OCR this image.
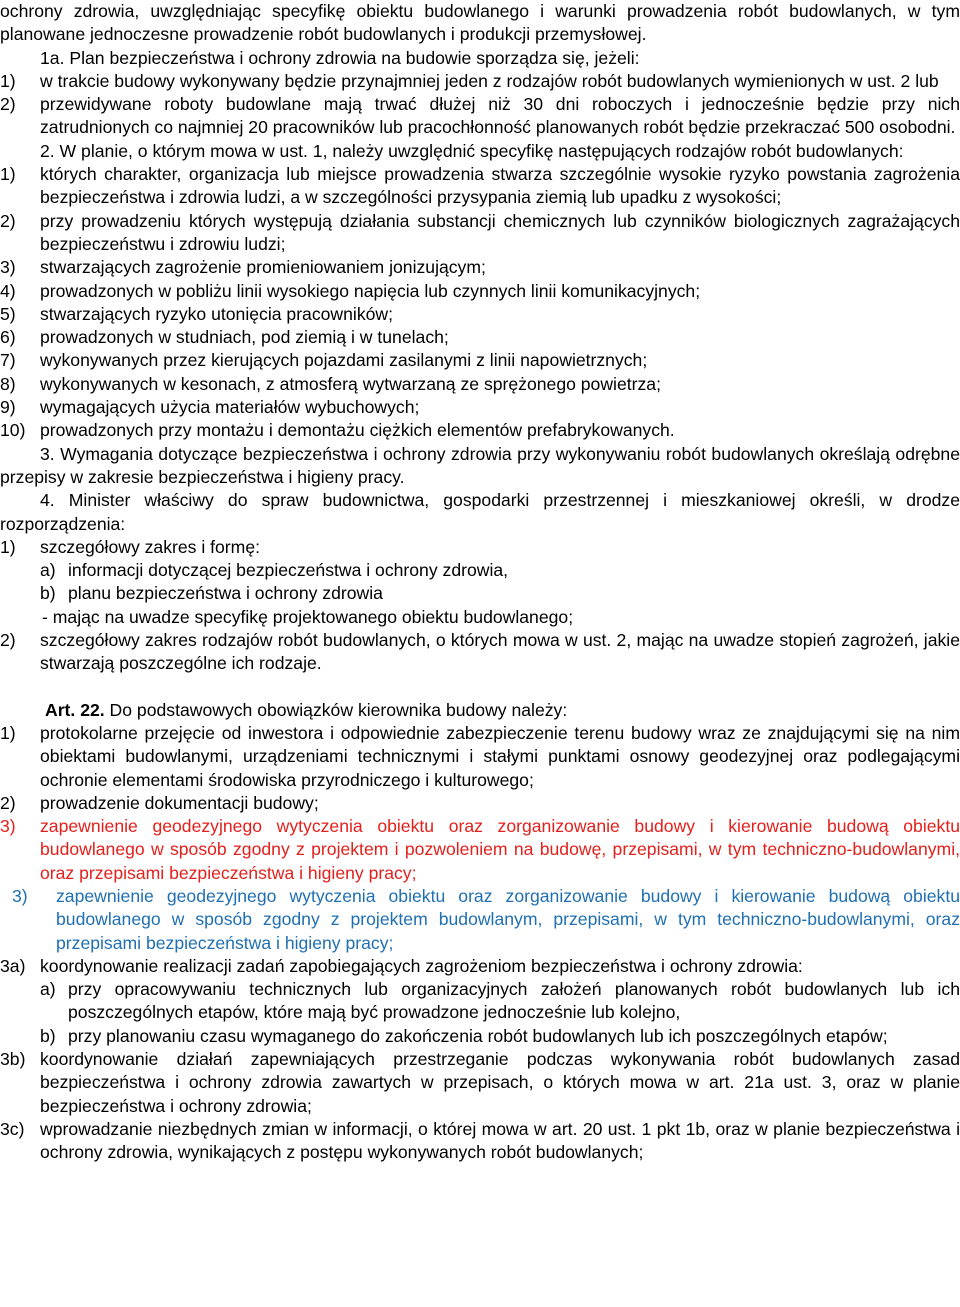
ochrony zdrowia, uwzględniając specyfikę obiektu budowlanego i warunki prowadzenia robót budowlanych, w tym planowane jednoczesne prowadzenie robót budowlanych i produkcji przemysłowej.

1a. Plan bezpieczeństwa i ochrony zdrowia na budowie sporządza się, jeżeli:

1)	w trakcie budowy wykonywany będzie przynajmniej jeden z rodzajów robót budowlanych wymienionych w ust. 2 lub
2)	przewidywane roboty budowlane mają trwać dłużej niż 30 dni roboczych i jednocześnie będzie przy nich zatrudnionych co najmniej 20 pracowników lub pracochłonność planowanych robót będzie przekraczać 500 osobodni.

2. W planie, o którym mowa w ust. 1, należy uwzględnić specyfikę następujących rodzajów robót budowlanych:

1)	których charakter, organizacja lub miejsce prowadzenia stwarza szczególnie wysokie ryzyko powstania zagrożenia bezpieczeństwa i zdrowia ludzi, a w szczególności przysypania ziemią lub upadku z wysokości;
2)	przy prowadzeniu których występują działania substancji chemicznych lub czynników biologicznych zagrażających bezpieczeństwu i zdrowiu ludzi;
3)	stwarzających zagrożenie promieniowaniem jonizującym;
4)	prowadzonych w pobliżu linii wysokiego napięcia lub czynnych linii komunikacyjnych;
5)	stwarzających ryzyko utonięcia pracowników;
6)	prowadzonych w studniach, pod ziemią i w tunelach;
7)	wykonywanych przez kierujących pojazdami zasilanymi z linii napowietrznych;
8)	wykonywanych w kesonach, z atmosferą wytwarzaną ze sprężonego powietrza;
9)	wymagających użycia materiałów wybuchowych;
10) prowadzonych przy montażu i demontażu ciężkich elementów prefabrykowanych.

3. Wymagania dotyczące bezpieczeństwa i ochrony zdrowia przy wykonywaniu robót budowlanych określają odrębne przepisy w zakresie bezpieczeństwa i higieny pracy.

4. Minister właściwy do spraw budownictwa, gospodarki przestrzennej i mieszkaniowej określi, w drodze rozporządzenia:

1)	szczegółowy zakres i formę:
a) informacji dotyczącej bezpieczeństwa i ochrony zdrowia,
b) planu bezpieczeństwa i ochrony zdrowia

- mając na uwadze specyfikę projektowanego obiektu budowlanego;

2)	szczegółowy zakres rodzajów robót budowlanych, o których mowa w ust. 2, mając na uwadze stopień zagrożeń, jakie stwarzają poszczególne ich rodzaje.

Art. 22. Do podstawowych obowiązków kierownika budowy należy:

1)	protokolarne przejęcie od inwestora i odpowiednie zabezpieczenie terenu budowy wraz ze znajdującymi się na nim obiektami budowlanymi, urządzeniami technicznymi i stałymi punktami osnowy geodezyjnej oraz podlegającymi ochronie elementami środowiska przyrodniczego i kulturowego;
2)	prowadzenie dokumentacji budowy;
3)	zapewnienie geodezyjnego wytyczenia obiektu oraz zorganizowanie budowy i kierowanie budową obiektu budowlanego w sposób zgodny z projektem i pozwoleniem na budowę, przepisami, w tym techniczno-budowlanymi, oraz przepisami bezpieczeństwa i higieny pracy;
3)	zapewnienie geodezyjnego wytyczenia obiektu oraz zorganizowanie budowy i kierowanie budową obiektu budowlanego w sposób zgodny z projektem budowlanym, przepisami, w tym techniczno-budowlanymi, oraz przepisami bezpieczeństwa i higieny pracy;
3a) koordynowanie realizacji zadań zapobiegających zagrożeniom bezpieczeństwa i ochrony zdrowia:
a) przy opracowywaniu technicznych lub organizacyjnych założeń planowanych robót budowlanych lub ich poszczególnych etapów, które mają być prowadzone jednocześnie lub kolejno,
b) przy planowaniu czasu wymaganego do zakończenia robót budowlanych lub ich poszczególnych etapów;
3b) koordynowanie działań zapewniających przestrzeganie podczas wykonywania robót budowlanych zasad bezpieczeństwa i ochrony zdrowia zawartych w przepisach, o których mowa w art. 21a ust. 3, oraz w planie bezpieczeństwa i ochrony zdrowia;
3c) wprowadzanie niezbędnych zmian w informacji, o której mowa w art. 20 ust. 1 pkt 1b, oraz w planie bezpieczeństwa i ochrony zdrowia, wynikających z postępu wykonywanych robót budowlanych;
